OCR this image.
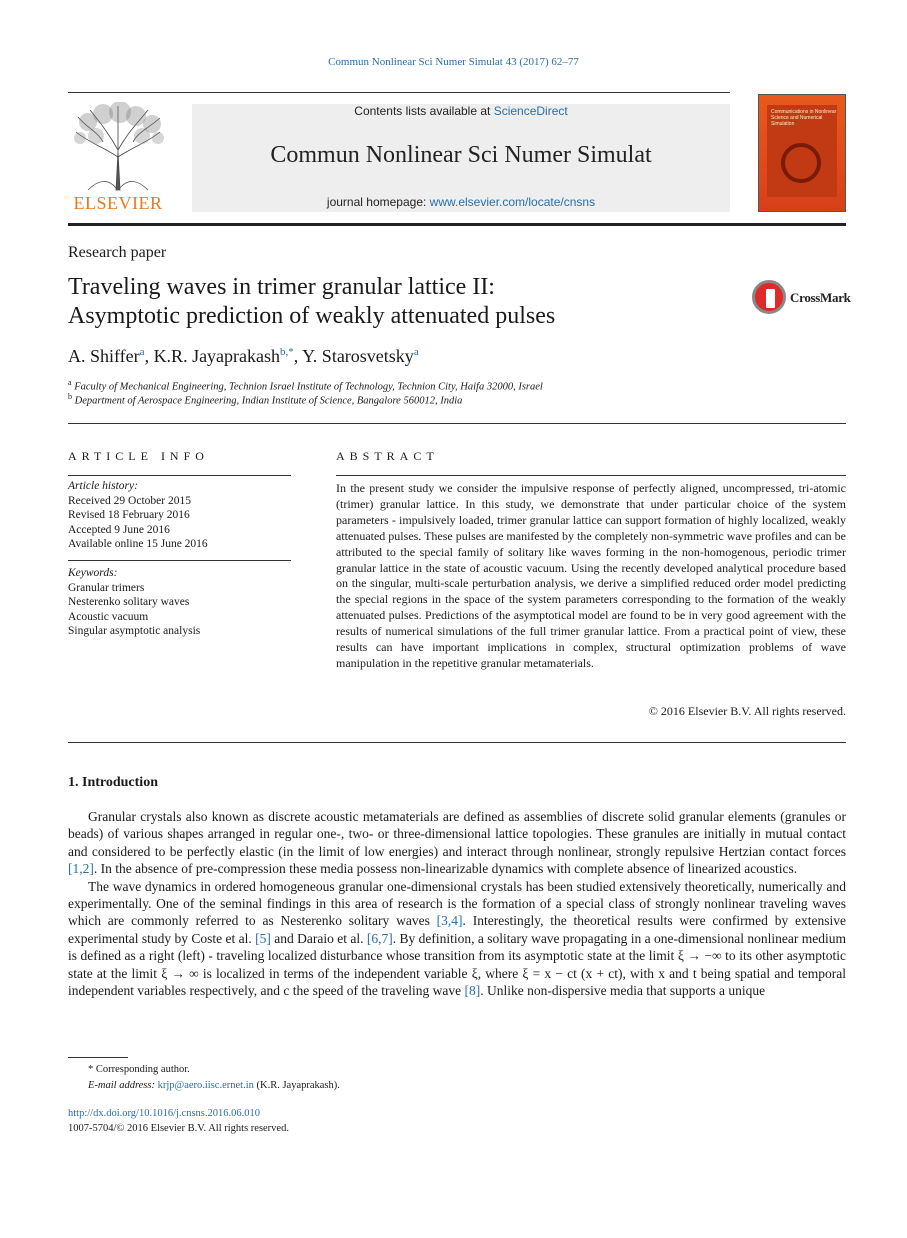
Commun Nonlinear Sci Numer Simulat 43 (2017) 62–77
ELSEVIER
Contents lists available at ScienceDirect
Commun Nonlinear Sci Numer Simulat
journal homepage: www.elsevier.com/locate/cnsns
Communications in Nonlinear Science and Numerical Simulation
Research paper
Traveling waves in trimer granular lattice II:
Asymptotic prediction of weakly attenuated pulses
CrossMark
A. Shiffer$^a$, K.R. Jayaprakash$^{b,*}$, Y. Starosvetsky$^a$
$^a$ Faculty of Mechanical Engineering, Technion Israel Institute of Technology, Technion City, Haifa 32000, Israel
$^b$ Department of Aerospace Engineering, Indian Institute of Science, Bangalore 560012, India
ARTICLE INFO	ABSTRACT
Article history:
Received 29 October 2015
Revised 18 February 2016
Accepted 9 June 2016
Available online 15 June 2016
Keywords:
Granular trimers
Nesterenko solitary waves
Acoustic vacuum
Singular asymptotic analysis
In the present study we consider the impulsive response of perfectly aligned, uncompressed, tri-atomic (trimer) granular lattice. In this study, we demonstrate that under particular choice of the system parameters - impulsively loaded, trimer granular lattice can support formation of highly localized, weakly attenuated pulses. These pulses are manifested by the completely non-symmetric wave profiles and can be attributed to the special family of solitary like waves forming in the non-homogenous, periodic trimer granular lattice in the state of acoustic vacuum. Using the recently developed analytical procedure based on the singular, multi-scale perturbation analysis, we derive a simplified reduced order model predicting the special regions in the space of the system parameters corresponding to the formation of the weakly attenuated pulses. Predictions of the asymptotical model are found to be in very good agreement with the results of numerical simulations of the full trimer granular lattice. From a practical point of view, these results can have important implications in complex, structural optimization problems of wave manipulation in the repetitive granular metamaterials.
© 2016 Elsevier B.V. All rights reserved.
1. Introduction

Granular crystals also known as discrete acoustic metamaterials are defined as assemblies of discrete solid granular elements (granules or beads) of various shapes arranged in regular one-, two- or three-dimensional lattice topologies. These granules are initially in mutual contact and considered to be perfectly elastic (in the limit of low energies) and interact through nonlinear, strongly repulsive Hertzian contact forces [1,2]. In the absence of pre-compression these media possess non-linearizable dynamics with complete absence of linearized acoustics.

The wave dynamics in ordered homogeneous granular one-dimensional crystals has been studied extensively theoretically, numerically and experimentally. One of the seminal findings in this area of research is the formation of a special class of strongly nonlinear traveling waves which are commonly referred to as Nesterenko solitary waves [3,4]. Interestingly, the theoretical results were confirmed by extensive experimental study by Coste et al. [5] and Daraio et al. [6,7]. By definition, a solitary wave propagating in a one-dimensional nonlinear medium is defined as a right (left) - traveling localized disturbance whose transition from its asymptotic state at the limit ξ → −∞ to its other asymptotic state at the limit ξ → ∞ is localized in terms of the independent variable ξ, where ξ = x − ct (x + ct), with x and t being spatial and temporal independent variables respectively, and c the speed of the traveling wave [8]. Unlike non-dispersive media that supports a unique

* Corresponding author.
E-mail address: krjp@aero.iisc.ernet.in (K.R. Jayaprakash).
http://dx.doi.org/10.1016/j.cnsns.2016.06.010
1007-5704/© 2016 Elsevier B.V. All rights reserved.
